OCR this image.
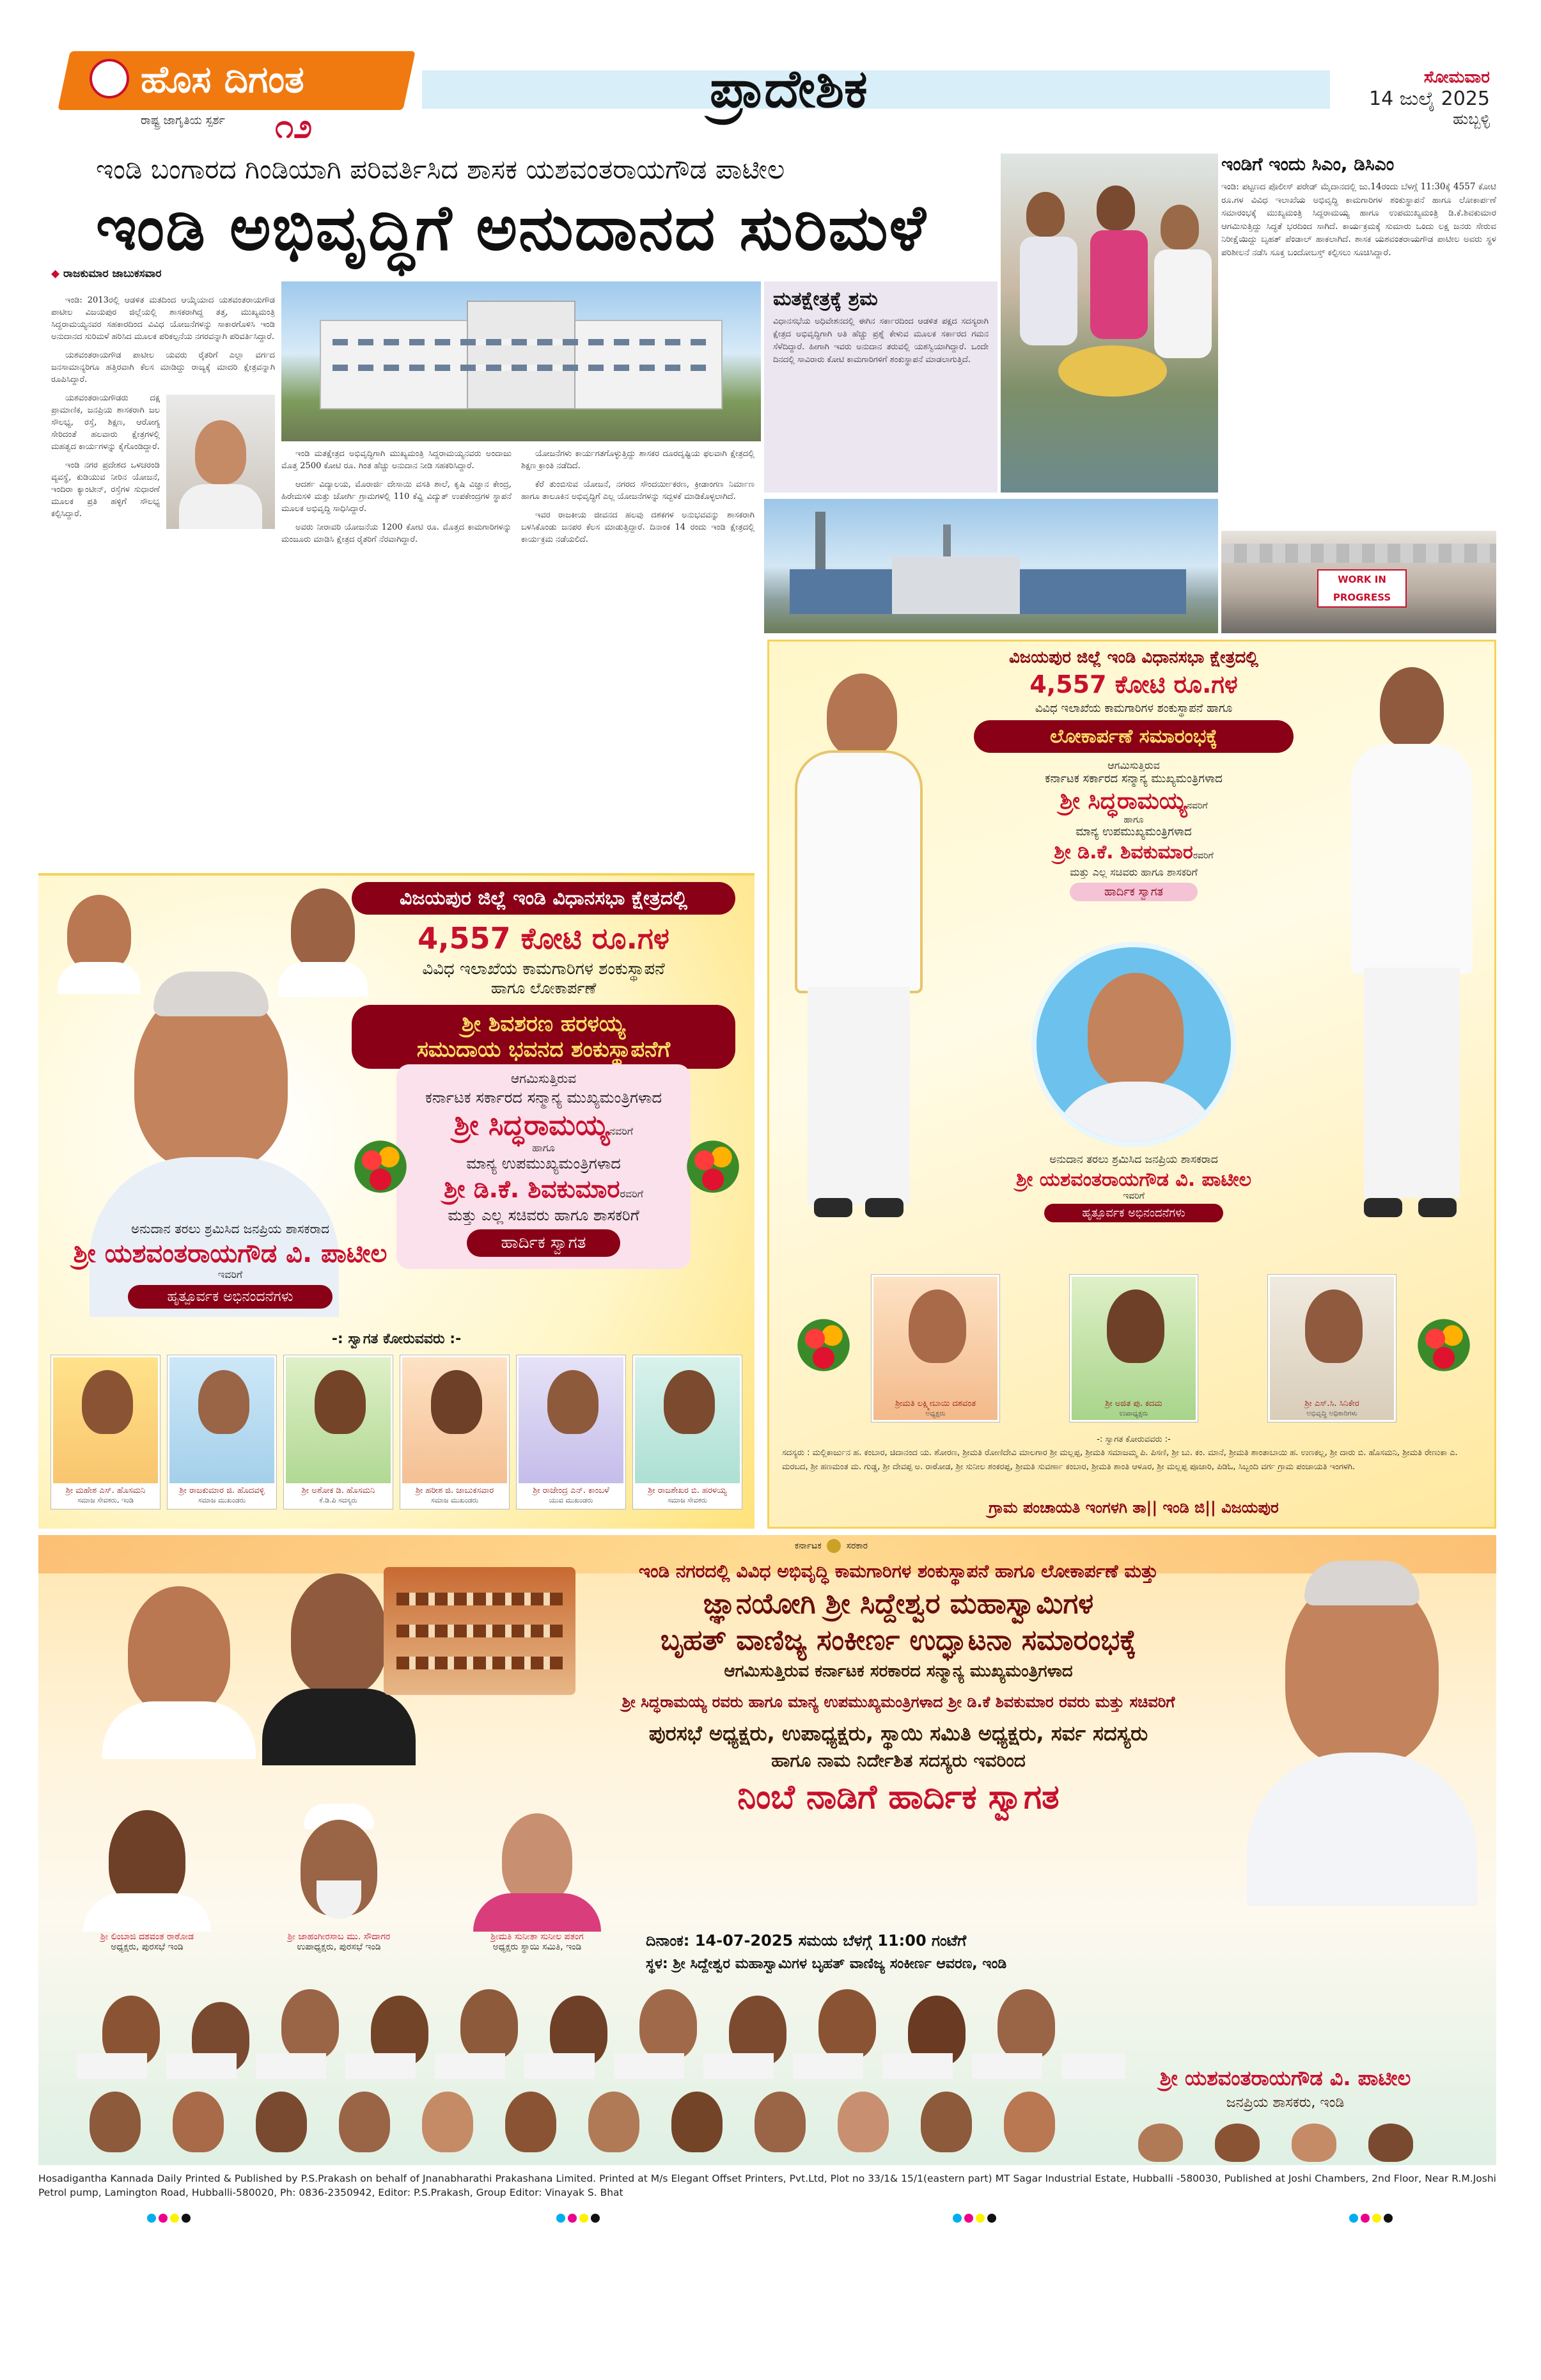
ಹೊಸ ದಿಗಂತ
ರಾಷ್ಟ್ರ ಜಾಗೃತಿಯ ಸ್ಪರ್ಶ ೧೨
ಪ್ರಾದೇಶಿಕ	ಸೋಮವಾರ
14 ಜುಲೈ 2025
ಹುಬ್ಬಳ್ಳಿ
ಇಂಡಿ ಬಂಗಾರದ ಗಿಂಡಿಯಾಗಿ ಪರಿವರ್ತಿಸಿದ ಶಾಸಕ ಯಶವಂತರಾಯಗೌಡ ಪಾಟೀಲ
ಇಂಡಿ ಅಭಿವೃದ್ಧಿಗೆ ಅನುದಾನದ ಸುರಿಮಳೆ
◆ ರಾಜಕುಮಾರ ಜಾಬುಕಸವಾರ

ಇಂಡಿ: 2013ರಲ್ಲಿ ಆಡಳಿತ ಮತದಿಂದ ಆಯ್ಕೆಯಾದ ಯಶವಂತರಾಯಗೌಡ ಪಾಟೀಲ ವಿಜಯಪುರ ಜಿಲ್ಲೆಯಲ್ಲಿ ಶಾಸಕರಾಗಿದ್ದ ತತ್ತ, ಮುಖ್ಯಮಂತ್ರಿ ಸಿದ್ದರಾಮಯ್ಯನವರ ಸಹಕಾರದಿಂದ ವಿವಿಧ ಯೋಜನೆಗಳನ್ನು ಸಾಕಾರಗೊಳಿಸಿ ಇಂಡಿ ಅನುದಾನದ ಸುರಿಮಳೆ ಹರಿಸಿದ ಮೂಲಕ ಪರಿಕಲ್ಪನೆಯ ನಗರವನ್ನಾಗಿ ಪರಿವರ್ತಿಸಿದ್ದಾರೆ.

ಯಶವಂತರಾಯಗೌಡ ಪಾಟೀಲ ಯವರು ರೈತರಿಗೆ ಎಲ್ಲಾ ವರ್ಗದ ಜನಸಾಮಾನ್ಯರಿಗೂ ಹತ್ತಿರವಾಗಿ ಕೆಲಸ ಮಾಡಿದ್ದು ರಾಜ್ಯಕ್ಕೆ ಮಾದರಿ ಕ್ಷೇತ್ರವನ್ನಾಗಿ ರೂಪಿಸಿದ್ದಾರೆ.

ಯಶವಂತರಾಯಗೌಡರು ದಕ್ಷ ಪ್ರಾಮಾಣಿಕ, ಜನಪ್ರಿಯ ಶಾಸಕರಾಗಿ ಜಲ ಸೌಲಭ್ಯ, ರಸ್ತೆ, ಶಿಕ್ಷಣ, ಆರೋಗ್ಯ ಸೇರಿದಂತೆ ಹಲವಾರು ಕ್ಷೇತ್ರಗಳಲ್ಲಿ ಮಹತ್ವದ ಕಾರ್ಯಗಳನ್ನು ಕೈಗೊಂಡಿದ್ದಾರೆ.

ಇಂಡಿ ನಗರ ಪ್ರದೇಶದ ಒಳಚರಂಡಿ ವ್ಯವಸ್ಥೆ, ಕುಡಿಯುವ ನೀರಿನ ಯೋಜನೆ, ಇಂದಿರಾ ಕ್ಯಾಂಟೀನ್, ರಸ್ತೆಗಳ ಸುಧಾರಣೆ ಮೂಲಕ ಪ್ರತಿ ಹಳ್ಳಿಗೆ ಸೌಲಭ್ಯ ಕಲ್ಪಿಸಿದ್ದಾರೆ.

ಇಂಡಿ ಮತಕ್ಷೇತ್ರದ ಅಭಿವೃದ್ಧಿಗಾಗಿ ಮುಖ್ಯಮಂತ್ರಿ ಸಿದ್ದರಾಮಯ್ಯನವರು ಅಂದಾಜು ಮೊತ್ತ 2500 ಕೋಟಿ ರೂ. ಗಿಂತ ಹೆಚ್ಚು ಅನುದಾನ ನೀಡಿ ಸಹಕರಿಸಿದ್ದಾರೆ.

ಆದರ್ಶ ವಿದ್ಯಾಲಯ, ಮೊರಾರ್ಜಿ ದೇಸಾಯಿ ವಸತಿ ಶಾಲೆ, ಕೃಷಿ ವಿಜ್ಞಾನ ಕೇಂದ್ರ, ಹಿರೇಮಸಳಿ ಮತ್ತು ಚೋರ್ಗಿ ಗ್ರಾಮಗಳಲ್ಲಿ 110 ಕೆವ್ಹಿ ವಿದ್ಯುತ್ ಉಪಕೇಂದ್ರಗಳ ಸ್ಥಾಪನೆ ಮೂಲಕ ಅಭಿವೃದ್ಧಿ ಸಾಧಿಸಿದ್ದಾರೆ.

ಅವರು ನೀರಾವರಿ ಯೋಜನೆಯ 1200 ಕೋಟಿ ರೂ. ಮೊತ್ತದ ಕಾಮಗಾರಿಗಳನ್ನು ಮಂಜೂರು ಮಾಡಿಸಿ ಕ್ಷೇತ್ರದ ರೈತರಿಗೆ ನೆರವಾಗಿದ್ದಾರೆ.

ಯೋಜನೆಗಳು ಕಾರ್ಯಗತಗೊಳ್ಳುತ್ತಿದ್ದು ಶಾಸಕರ ದೂರದೃಷ್ಟಿಯ ಫಲವಾಗಿ ಕ್ಷೇತ್ರದಲ್ಲಿ ಶಿಕ್ಷಣ ಕ್ರಾಂತಿ ನಡೆದಿದೆ.

ಕೆರೆ ತುಂಬಿಸುವ ಯೋಜನೆ, ನಗರದ ಸೌಂದರ್ಯೀಕರಣ, ಕ್ರೀಡಾಂಗಣ ನಿರ್ಮಾಣ ಹಾಗೂ ತಾಲೂಕಿನ ಅಭಿವೃದ್ಧಿಗೆ ಎಲ್ಲ ಯೋಜನೆಗಳನ್ನು ಸದ್ಬಳಕೆ ಮಾಡಿಕೊಳ್ಳಲಾಗಿದೆ.

ಇವರ ರಾಜಕೀಯ ಜೀವನದ ಹಲವು ದಶಕಗಳ ಅನುಭವವನ್ನು ಶಾಸಕರಾಗಿ ಬಳಸಿಕೊಂಡು ಜನಪರ ಕೆಲಸ ಮಾಡುತ್ತಿದ್ದಾರೆ. ದಿನಾಂಕ 14 ರಂದು ಇಂಡಿ ಕ್ಷೇತ್ರದಲ್ಲಿ ಕಾರ್ಯಕ್ರಮ ನಡೆಯಲಿದೆ.

ಮತಕ್ಷೇತ್ರಕ್ಕೆ ಶ್ರಮ
ವಿಧಾನಸಭೆಯ ಅಧಿವೇಶನದಲ್ಲಿ ಈಗಿನ ಸರ್ಕಾರದಿಂದ ಆಡಳಿತ ಪಕ್ಷದ ಸದಸ್ಯರಾಗಿ ಕ್ಷೇತ್ರದ ಅಭಿವೃದ್ಧಿಗಾಗಿ ಅತಿ ಹೆಚ್ಚು ಪ್ರಶ್ನೆ ಕೇಳುವ ಮೂಲಕ ಸರ್ಕಾರದ ಗಮನ ಸೆಳೆದಿದ್ದಾರೆ. ಹೀಗಾಗಿ ಇವರು ಅನುದಾನ ತರುವಲ್ಲಿ ಯಶಸ್ವಿಯಾಗಿದ್ದಾರೆ. ಒಂದೇ ದಿನದಲ್ಲಿ ಸಾವಿರಾರು ಕೋಟಿ ಕಾಮಗಾರಿಗಳಿಗೆ ಶಂಕುಸ್ಥಾಪನೆ ಮಾಡಲಾಗುತ್ತಿದೆ.
ಇಂಡಿಗೆ ಇಂದು ಸಿಎಂ, ಡಿಸಿಎಂ
ಇಂಡಿ: ಪಟ್ಟಣದ ಪೊಲೀಸ್ ಪರೇಡ್ ಮೈದಾನದಲ್ಲಿ ಜು.14ರಂದು ಬೆಳಗ್ಗೆ 11:30ಕ್ಕೆ 4557 ಕೋಟಿ ರೂ.ಗಳ ವಿವಿಧ ಇಲಾಖೆಯ ಅಭಿವೃದ್ಧಿ ಕಾಮಗಾರಿಗಳ ಶಂಕುಸ್ಥಾಪನೆ ಹಾಗೂ ಲೋಕಾರ್ಪಣೆ ಸಮಾರಂಭಕ್ಕೆ ಮುಖ್ಯಮಂತ್ರಿ ಸಿದ್ದರಾಮಯ್ಯ ಹಾಗೂ ಉಪಮುಖ್ಯಮಂತ್ರಿ ಡಿ.ಕೆ.ಶಿವಕುಮಾರ ಆಗಮಿಸುತ್ತಿದ್ದು ಸಿದ್ಧತೆ ಭರದಿಂದ ಸಾಗಿದೆ. ಕಾರ್ಯಕ್ರಮಕ್ಕೆ ಸುಮಾರು ಒಂದು ಲಕ್ಷ ಜನರು ಸೇರುವ ನಿರೀಕ್ಷೆಯಿದ್ದು ಬೃಹತ್ ಪೆಂಡಾಲ್ ಹಾಕಲಾಗಿದೆ. ಶಾಸಕ ಯಶವಂತರಾಯಗೌಡ ಪಾಟೀಲ ಅವರು ಸ್ಥಳ ಪರಿಶೀಲನೆ ನಡೆಸಿ ಸೂಕ್ತ ಬಂದೋಬಸ್ತ್ ಕಲ್ಪಿಸಲು ಸೂಚಿಸಿದ್ದಾರೆ.
WORK IN PROGRESS
ವಿಜಯಪುರ ಜಿಲ್ಲೆ ಇಂಡಿ ವಿಧಾನಸಭಾ ಕ್ಷೇತ್ರದಲ್ಲಿ
4,557 ಕೋಟಿ ರೂ.ಗಳ
ವಿವಿಧ ಇಲಾಖೆಯ ಕಾಮಗಾರಿಗಳ ಶಂಕುಸ್ಥಾಪನೆ
ಹಾಗೂ ಲೋಕಾರ್ಪಣೆ
ಶ್ರೀ ಶಿವಶರಣ ಹರಳಯ್ಯ
ಸಮುದಾಯ ಭವನದ ಶಂಕುಸ್ಥಾಪನೆಗೆ
ಆಗಮಿಸುತ್ತಿರುವ
ಕರ್ನಾಟಕ ಸರ್ಕಾರದ ಸನ್ಮಾನ್ಯ ಮುಖ್ಯಮಂತ್ರಿಗಳಾದ
ಶ್ರೀ ಸಿದ್ಧರಾಮಯ್ಯನವರಿಗೆ
ಹಾಗೂ
ಮಾನ್ಯ ಉಪಮುಖ್ಯಮಂತ್ರಿಗಳಾದ
ಶ್ರೀ ಡಿ.ಕೆ. ಶಿವಕುಮಾರರವರಿಗೆ
ಮತ್ತು ಎಲ್ಲ ಸಚಿವರು ಹಾಗೂ ಶಾಸಕರಿಗೆ
ಹಾರ್ದಿಕ ಸ್ವಾಗತ
ಅನುದಾನ ತರಲು ಶ್ರಮಿಸಿದ ಜನಪ್ರಿಯ ಶಾಸಕರಾದ
ಶ್ರೀ ಯಶವಂತರಾಯಗೌಡ ವಿ. ಪಾಟೀಲ
ಇವರಿಗೆ
ಹೃತ್ಪೂರ್ವಕ ಅಭಿನಂದನೆಗಳು
-: ಸ್ವಾಗತ ಕೋರುವವರು :-
ಶ್ರೀ ಮಹೇಶ ಎಸ್. ಹೊಸಮನಿ
ಸಮಾಜ ಸೇವಕರು, ಇಂಡಿ
ಶ್ರೀ ರಾಜಕುಮಾರ ಜಿ. ಹೊದವಳ್ಳಿ
ಸಮಾಜ ಮುಖಂಡರು
ಶ್ರೀ ಅಶೋಕ ಡಿ. ಹೊಸಮನಿ
ಕೆ.ಡಿ.ಪಿ ಸದಸ್ಯರು
ಶ್ರೀ ಹರೀಶ ಜಿ. ಜಾಬುಕಸವಾರ
ಸಮಾಜ ಮುಖಂಡರು
ಶ್ರೀ ರಾಜೇಂದ್ರ ಎನ್. ಕಾಂಬಳೆ
ಯುವ ಮುಖಂಡರು
ಶ್ರೀ ರಾಜಶೇಖರ ಬಿ. ಹರಳಯ್ಯ
ಸಮಾಜ ಸೇವಕರು
ವಿಜಯಪುರ ಜಿಲ್ಲೆ ಇಂಡಿ ವಿಧಾನಸಭಾ ಕ್ಷೇತ್ರದಲ್ಲಿ
4,557 ಕೋಟಿ ರೂ.ಗಳ
ವಿವಿಧ ಇಲಾಖೆಯ ಕಾಮಗಾರಿಗಳ ಶಂಕುಸ್ಥಾಪನೆ ಹಾಗೂ
ಲೋಕಾರ್ಪಣೆ ಸಮಾರಂಭಕ್ಕೆ
ಆಗಮಿಸುತ್ತಿರುವ
ಕರ್ನಾಟಕ ಸರ್ಕಾರದ ಸನ್ಮಾನ್ಯ ಮುಖ್ಯಮಂತ್ರಿಗಳಾದ
ಶ್ರೀ ಸಿದ್ಧರಾಮಯ್ಯನವರಿಗೆ
ಹಾಗೂ
ಮಾನ್ಯ ಉಪಮುಖ್ಯಮಂತ್ರಿಗಳಾದ
ಶ್ರೀ ಡಿ.ಕೆ. ಶಿವಕುಮಾರರವರಿಗೆ
ಮತ್ತು ಎಲ್ಲ ಸಚಿವರು ಹಾಗೂ ಶಾಸಕರಿಗೆ
ಹಾರ್ದಿಕ ಸ್ವಾಗತ
ಅನುದಾನ ತರಲು ಶ್ರಮಿಸಿದ ಜನಪ್ರಿಯ ಶಾಸಕರಾದ
ಶ್ರೀ ಯಶವಂತರಾಯಗೌಡ ವಿ. ಪಾಟೀಲ
ಇವರಿಗೆ
ಹೃತ್ಪೂರ್ವಕ ಅಭಿನಂದನೆಗಳು
ಶ್ರೀಮತಿ ಲಕ್ಷ್ಮೀಬಾಯಿ ದಶವಂತ
ಅಧ್ಯಕ್ಷರು
ಶ್ರೀ ಅಜಿತ ಪು. ಕದಮ
ಉಪಾಧ್ಯಕ್ಷರು
ಶ್ರೀ ಎಸ್.ಸಿ. ಸಿನಿಕೇರ
ಅಭಿವೃದ್ಧಿ ಅಧಿಕಾರಿಗಳು
-: ಸ್ವಾಗತ ಕೋರುವವರು :-
ಸದಸ್ಯರು : ಮಲ್ಲಿಕಾರ್ಜುನ ಹ. ಕಂಬಾರ, ಚಿದಾನಂದ ಯ. ಶೋರಣ, ಶ್ರೀಮತಿ ರೋಣಿದೇವಿ ಮಾಲಗಾರ ಶ್ರೀ ಮಲ್ಲಪ್ಪ, ಶ್ರೀಮತಿ ಸಮಾಜಮ್ಮ ಪಿ. ಪಿಸಣಿ, ಶ್ರೀ ಬು. ಕಂ. ಮಾನೆ, ಶ್ರೀಮತಿ ಶಾಂತಾಬಾಯಿ ಹ. ಉಣಕಲ್ಲ, ಶ್ರೀ ದಾರು ಬಿ. ಹೊಸಮನಿ, ಶ್ರೀಮತಿ ರೇಣುಕಾ ಎ. ಮರಬದ, ಶ್ರೀ ಹಣಮಂತ ಮ. ಗುಡ್ಡ, ಶ್ರೀ ದೇವಪ್ಪ ಅ. ರಾಠೋಡ, ಶ್ರೀ ಸುನೀಲ ಶಂಕರಪ್ಪ, ಶ್ರೀಮತಿ ಸುವರ್ಣಾ ಕಂಬಾರ, ಶ್ರೀಮತಿ ಶಾಂತಿ ಆಳೂರ, ಶ್ರೀ ಮಲ್ಲಪ್ಪ ಪೂಜಾರಿ, ಪಿಡಿಓ, ಸಿಬ್ಬಂದಿ ವರ್ಗ ಗ್ರಾಮ ಪಂಚಾಯತಿ ಇಂಗಳಗಿ.
ಗ್ರಾಮ ಪಂಚಾಯತಿ ಇಂಗಳಗಿ ತಾ|| ಇಂಡಿ ಜಿ|| ವಿಜಯಪುರ
ಕರ್ನಾಟಕ	ಸರಕಾರ
ಇಂಡಿ ನಗರದಲ್ಲಿ ವಿವಿಧ ಅಭಿವೃದ್ಧಿ ಕಾಮಗಾರಿಗಳ ಶಂಕುಸ್ಥಾಪನೆ ಹಾಗೂ ಲೋಕಾರ್ಪಣೆ ಮತ್ತು
ಜ್ಞಾನಯೋಗಿ ಶ್ರೀ ಸಿದ್ದೇಶ್ವರ ಮಹಾಸ್ವಾಮಿಗಳ
ಬೃಹತ್ ವಾಣಿಜ್ಯ ಸಂಕೀರ್ಣ ಉದ್ಘಾಟನಾ ಸಮಾರಂಭಕ್ಕೆ
ಆಗಮಿಸುತ್ತಿರುವ ಕರ್ನಾಟಕ ಸರಕಾರದ ಸನ್ಮಾನ್ಯ ಮುಖ್ಯಮಂತ್ರಿಗಳಾದ
ಶ್ರೀ ಸಿದ್ಧರಾಮಯ್ಯ ರವರು ಹಾಗೂ ಮಾನ್ಯ ಉಪಮುಖ್ಯಮಂತ್ರಿಗಳಾದ ಶ್ರೀ ಡಿ.ಕೆ ಶಿವಕುಮಾರ ರವರು ಮತ್ತು ಸಚಿವರಿಗೆ
ಪುರಸಭೆ ಅಧ್ಯಕ್ಷರು, ಉಪಾಧ್ಯಕ್ಷರು, ಸ್ಥಾಯಿ ಸಮಿತಿ ಅಧ್ಯಕ್ಷರು, ಸರ್ವ ಸದಸ್ಯರು
ಹಾಗೂ ನಾಮ ನಿರ್ದೇಶಿತ ಸದಸ್ಯರು ಇವರಿಂದ
ನಿಂಬೆ ನಾಡಿಗೆ ಹಾರ್ದಿಕ ಸ್ವಾಗತ
ಶ್ರೀ ಯಶವಂತರಾಯಗೌಡ ವಿ. ಪಾಟೀಲ
ಜನಪ್ರಿಯ ಶಾಸಕರು, ಇಂಡಿ
ಶ್ರೀ ಲಿಂಬಾಜಿ ದಶವಂತ ರಾಠೋಡ
ಅಧ್ಯಕ್ಷರು, ಪುರಸಭೆ ಇಂಡಿ
ಶ್ರೀ ಜಾಹಂಗೀರಸಾಬ ಮು. ಸೌದಾಗರ
ಉಪಾಧ್ಯಕ್ಷರು, ಪುರಸಭೆ ಇಂಡಿ
ಶ್ರೀಮತಿ ಸುನೀತಾ ಸುನೀಲ ಪತಂಗ
ಅಧ್ಯಕ್ಷರು ಸ್ಥಾಯಿ ಸಮಿತಿ, ಇಂಡಿ	ದಿನಾಂಕ: 14-07-2025 ಸಮಯ ಬೆಳಗ್ಗೆ 11:00 ಗಂಟೆಗೆ
ಸ್ಥಳ: ಶ್ರೀ ಸಿದ್ದೇಶ್ವರ ಮಹಾಸ್ವಾಮಿಗಳ ಬೃಹತ್ ವಾಣಿಜ್ಯ ಸಂಕೀರ್ಣ ಆವರಣ, ಇಂಡಿ
Hosadigantha Kannada Daily Printed & Published by P.S.Prakash on behalf of Jnanabharathi Prakashana Limited. Printed at M/s Elegant Offset Printers, Pvt.Ltd, Plot no 33/1& 15/1(eastern part) MT Sagar Industrial Estate, Hubballi -580030, Published at Joshi Chambers, 2nd Floor, Near R.M.Joshi Petrol pump, Lamington Road, Hubballi-580020, Ph: 0836-2350942, Editor: P.S.Prakash, Group Editor: Vinayak S. Bhat
